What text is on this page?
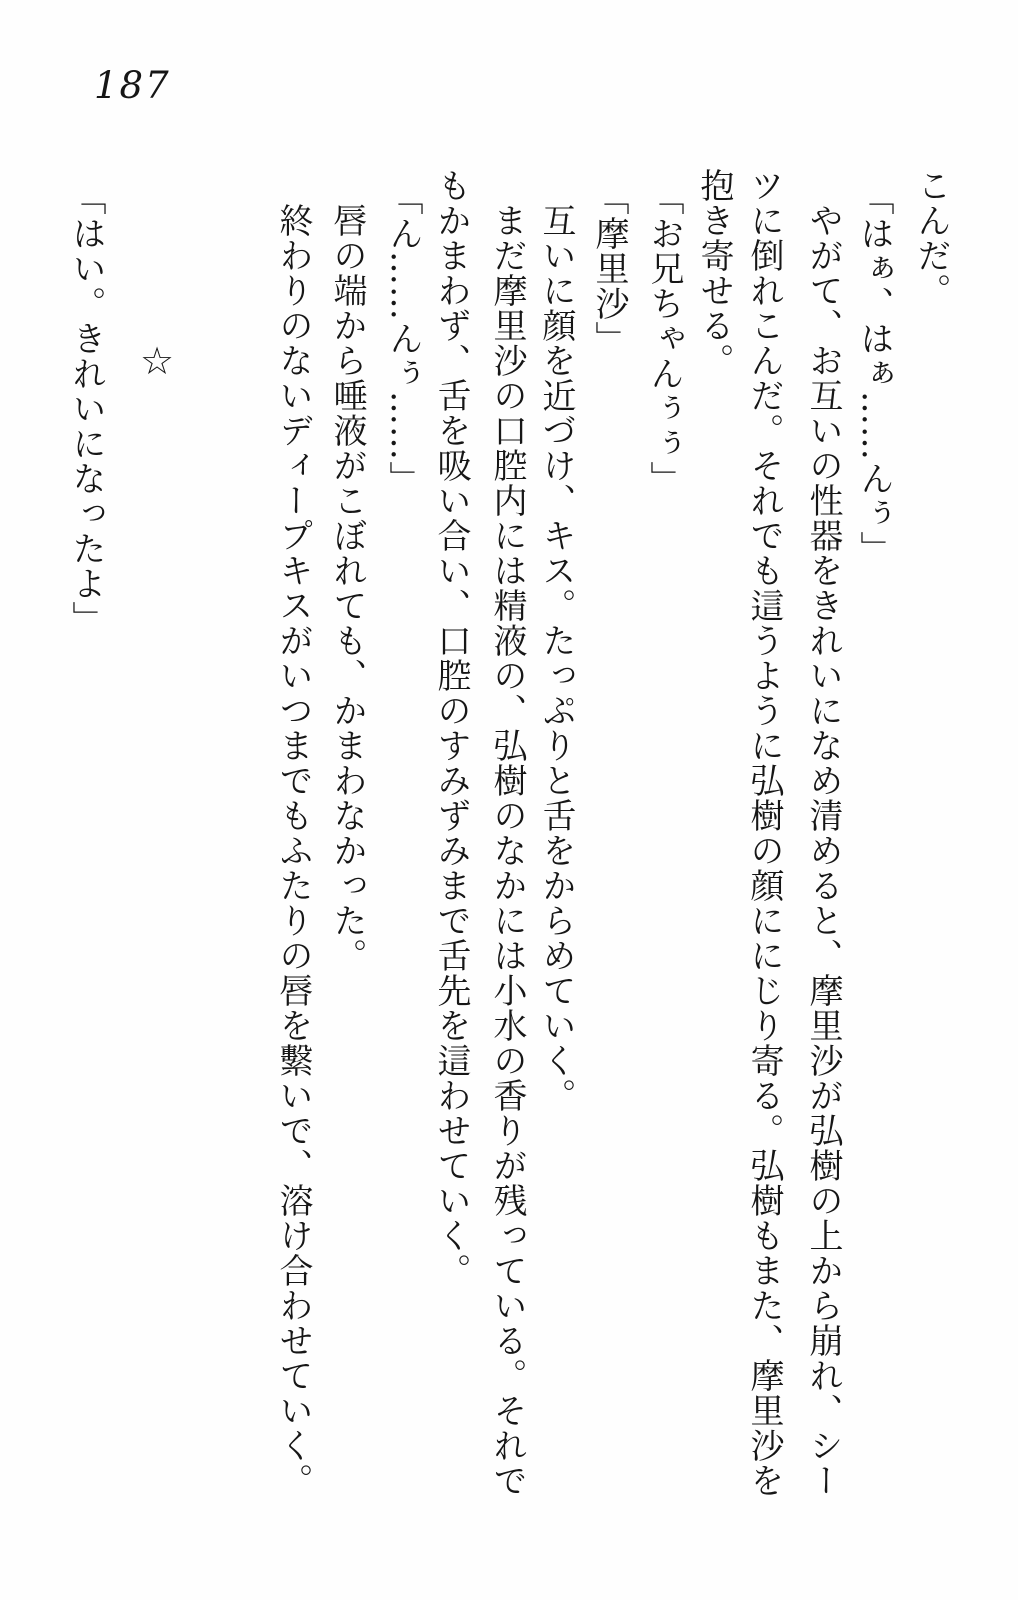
187
こんだ。
「はぁ、はぁ……んぅ」
やがて、お互いの性器をきれいになめ清めると、摩里沙が弘樹の上から崩れ、シー
ツに倒れこんだ。それでも這うように弘樹の顔ににじり寄る。弘樹もまた、摩里沙を
抱き寄せる。
「お兄ちゃんぅぅ」
「摩里沙」
互いに顔を近づけ、キス。たっぷりと舌をからめていく。
まだ摩里沙の口腔内には精液の、弘樹のなかには小水の香りが残っている。それで
もかまわず、舌を吸い合い、口腔のすみずみまで舌先を這わせていく。
「ん……んぅ……」
唇の端から唾液がこぼれても、かまわなかった。
終わりのないディープキスがいつまでもふたりの唇を繫いで、溶け合わせていく。
☆
「はい。きれいになったよ」
